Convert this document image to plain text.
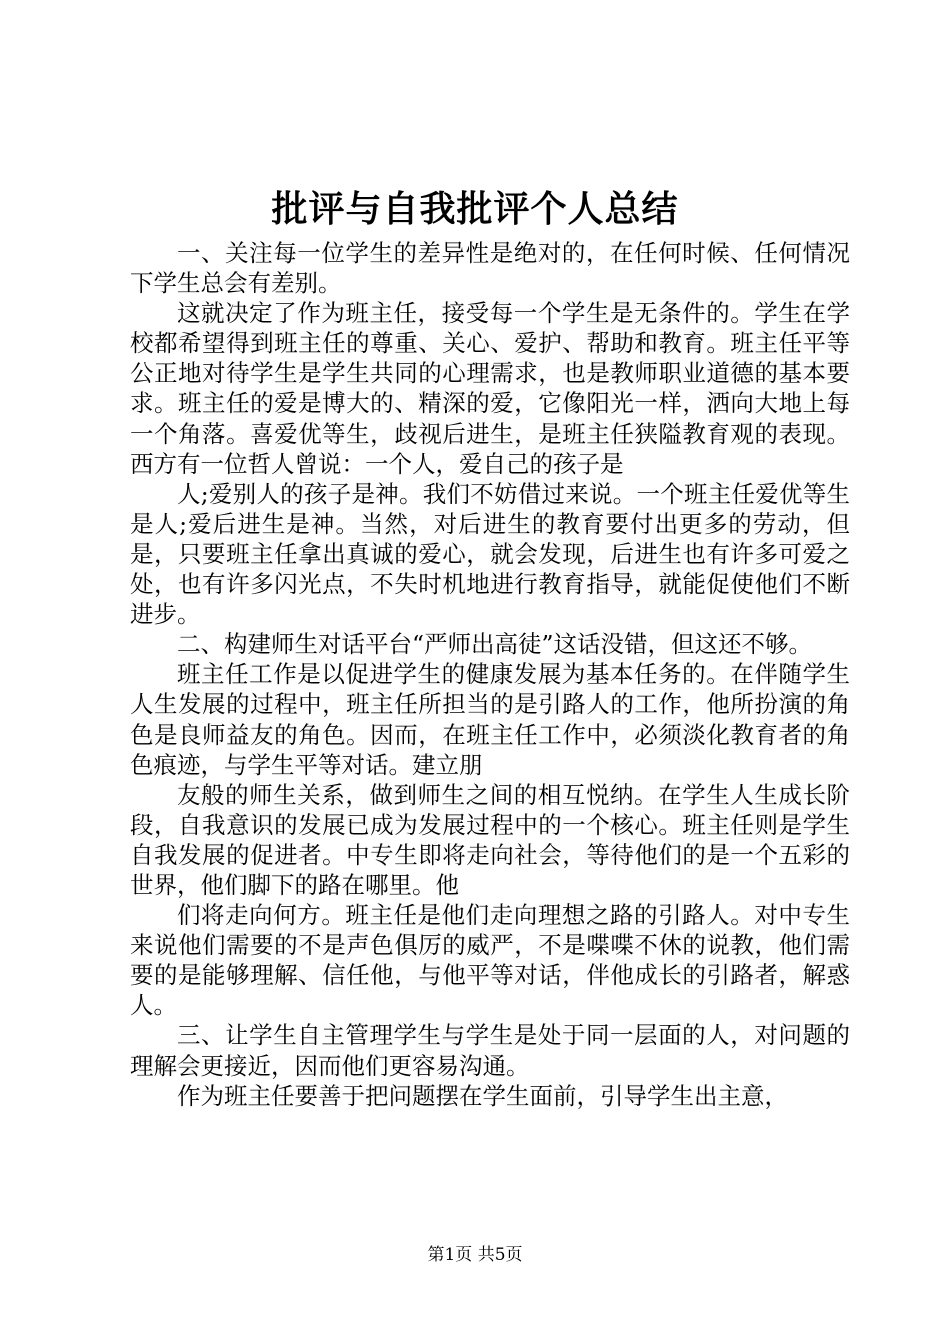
批评与自我批评个人总结

一、关注每一位学生的差异性是绝对的，在任何时候、任何情况下学生总会有差别。

这就决定了作为班主任，接受每一个学生是无条件的。学生在学校都希望得到班主任的尊重、关心、爱护、帮助和教育。班主任平等公正地对待学生是学生共同的心理需求，也是教师职业道德的基本要求。班主任的爱是博大的、精深的爱，它像阳光一样，洒向大地上每一个角落。喜爱优等生，歧视后进生，是班主任狭隘教育观的表现。西方有一位哲人曾说：一个人，爱自己的孩子是

人;爱别人的孩子是神。我们不妨借过来说。一个班主任爱优等生是人;爱后进生是神。当然，对后进生的教育要付出更多的劳动，但是，只要班主任拿出真诚的爱心，就会发现，后进生也有许多可爱之处，也有许多闪光点，不失时机地进行教育指导，就能促使他们不断进步。

二、构建师生对话平台“严师出高徒”这话没错，但这还不够。

班主任工作是以促进学生的健康发展为基本任务的。在伴随学生人生发展的过程中，班主任所担当的是引路人的工作，他所扮演的角色是良师益友的角色。因而，在班主任工作中，必须淡化教育者的角色痕迹，与学生平等对话。建立朋

友般的师生关系，做到师生之间的相互悦纳。在学生人生成长阶段，自我意识的发展已成为发展过程中的一个核心。班主任则是学生自我发展的促进者。中专生即将走向社会，等待他们的是一个五彩的世界，他们脚下的路在哪里。他

们将走向何方。班主任是他们走向理想之路的引路人。对中专生来说他们需要的不是声色俱厉的威严，不是喋喋不休的说教，他们需要的是能够理解、信任他，与他平等对话，伴他成长的引路者，解惑人。

三、让学生自主管理学生与学生是处于同一层面的人，对问题的理解会更接近，因而他们更容易沟通。

作为班主任要善于把问题摆在学生面前，引导学生出主意，

第1页 共5页
